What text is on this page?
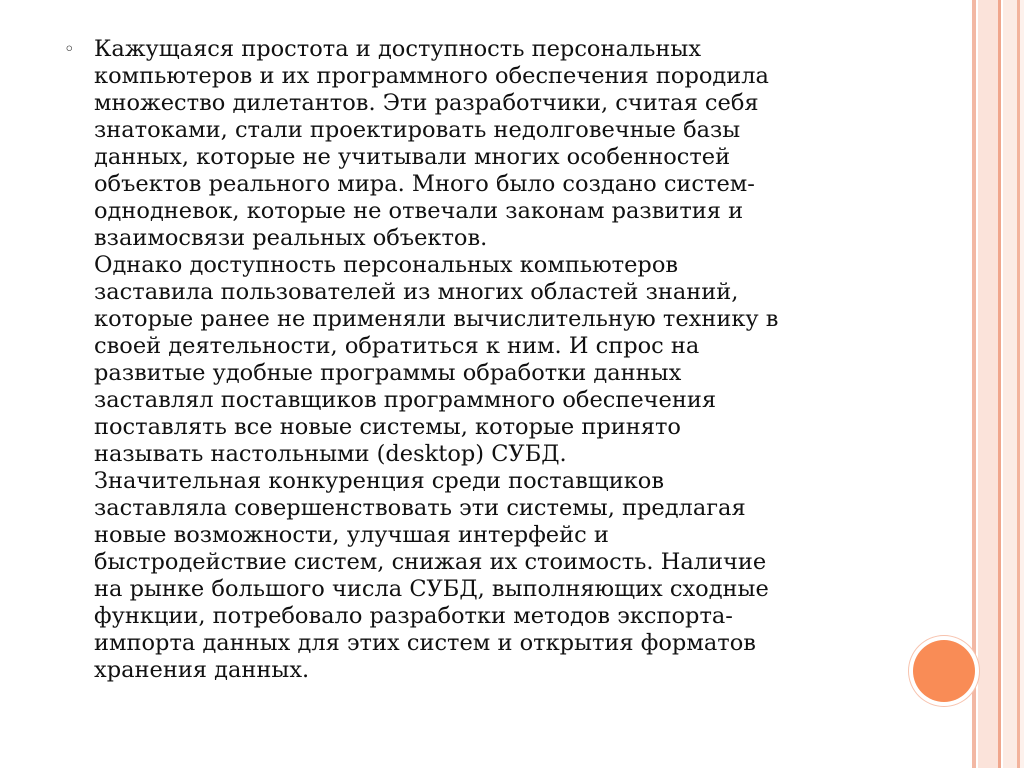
◦ Кажущаяся простота и доступность персональных
компьютеров и их программного обеспечения породила
множество дилетантов. Эти разработчики, считая себя
знатоками, стали проектировать недолговечные базы
данных, которые не учитывали многих особенностей
объектов реального мира. Много было создано систем-
однодневок, которые не отвечали законам развития и
взаимосвязи реальных объектов.
Однако доступность персональных компьютеров
заставила пользователей из многих областей знаний,
которые ранее не применяли вычислительную технику в
своей деятельности, обратиться к ним. И спрос на
развитые удобные программы обработки данных
заставлял поставщиков программного обеспечения
поставлять все новые системы, которые принято
называть настольными (desktop) СУБД.
Значительная конкуренция среди поставщиков
заставляла совершенствовать эти системы, предлагая
новые возможности, улучшая интерфейс и
быстродействие систем, снижая их стоимость. Наличие
на рынке большого числа СУБД, выполняющих сходные
функции, потребовало разработки методов экспорта-
импорта данных для этих систем и открытия форматов
хранения данных.
